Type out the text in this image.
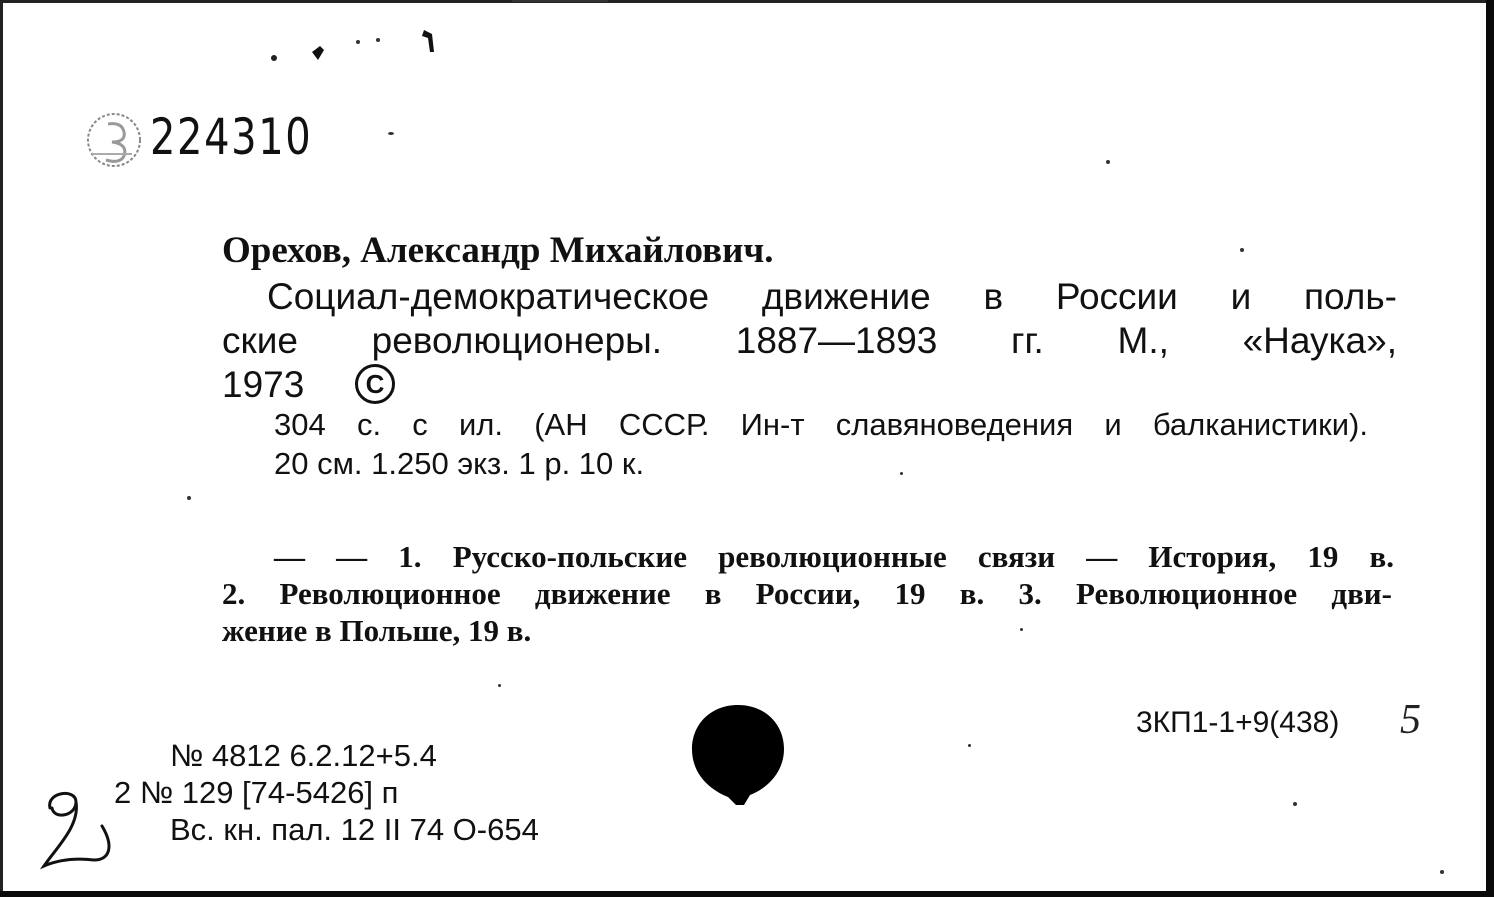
224310
Орехов, Александр Михайлович.
Социал-демократическое движение в России и поль-
ские революционеры. 1887—1893 гг. М., «Наука»,
1973	C
304 с. с ил. (АН СССР. Ин-т славяноведения и балканистики).
20 см. 1.250 экз. 1 р. 10 к.
— — 1. Русско-польские революционные связи — История, 19 в.
2. Революционное движение в России, 19 в. 3. Революционное дви-
жение в Польше, 19 в.
3КП1-1+9(438) 5
№ 4812 6.2.12+5.4
2 № 129 [74-5426] п
Вс. кн. пал. 12 II 74 О-654
